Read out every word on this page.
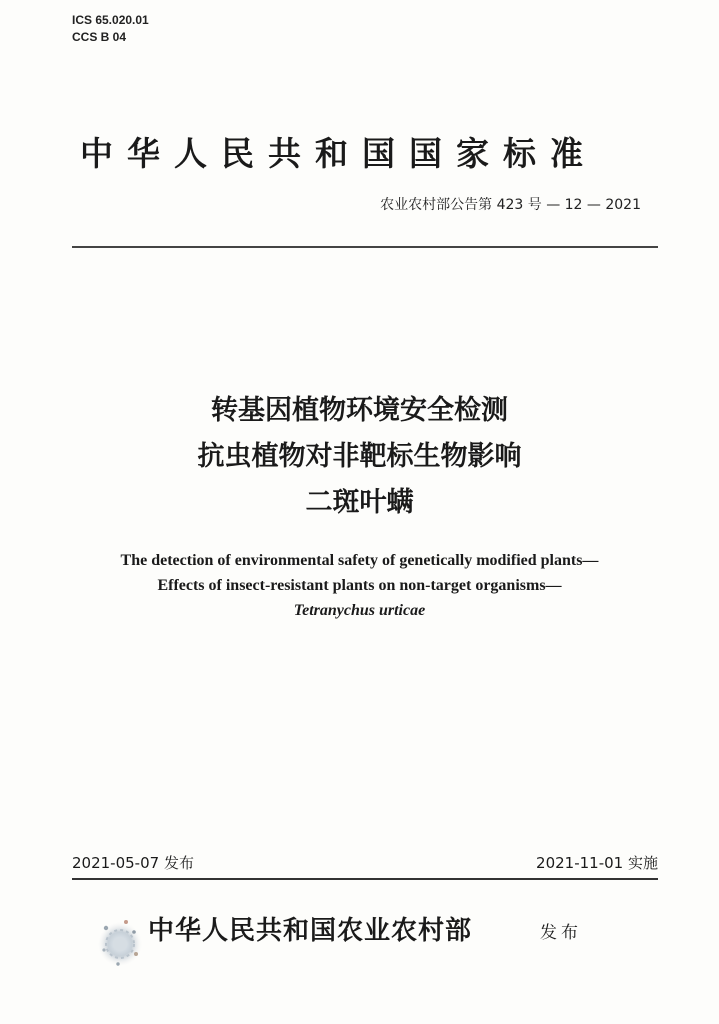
ICS 65.020.01
CCS B 04
中华人民共和国国家标准
农业农村部公告第 423 号 — 12 — 2021
转基因植物环境安全检测
抗虫植物对非靶标生物影响
二斑叶螨
The detection of environmental safety of genetically modified plants—
Effects of insect-resistant plants on non-target organisms—
Tetranychus urticae
2021-05-07 发布	2021-11-01 实施
中华人民共和国农业农村部	发布
